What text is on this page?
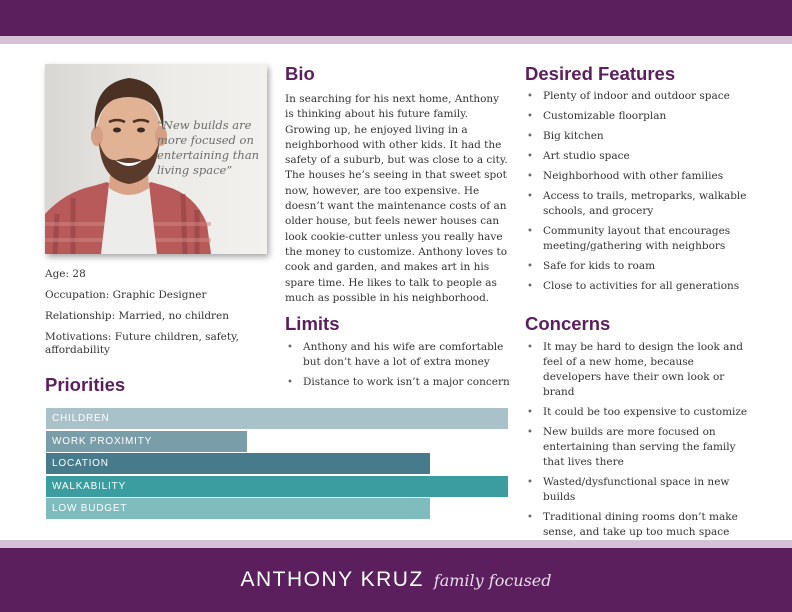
“New builds are more focused on entertaining than living space”

Age: 28

Occupation: Graphic Designer

Relationship: Married, no children

Motivations: Future children, safety, affordability

Priorities
CHILDREN
WORK PROXIMITY
LOCATION
WALKABILITY
LOW BUDGET
Bio

In searching for his next home, Anthony is thinking about his future family. Growing up, he enjoyed living in a neighborhood with other kids. It had the safety of a suburb, but was close to a city. The houses he’s seeing in that sweet spot now, however, are too expensive. He doesn’t want the maintenance costs of an older house, but feels newer houses can look cookie-cutter unless you really have the money to customize. Anthony loves to cook and garden, and makes art in his spare time. He likes to talk to people as much as possible in his neighborhood.

Limits
• Anthony and his wife are comfortable but don’t have a lot of extra money
• Distance to work isn’t a major concern
Desired Features
• Plenty of indoor and outdoor space
• Customizable floorplan
• Big kitchen
• Art studio space
• Neighborhood with other families
• Access to trails, metroparks, walkable schools, and grocery
• Community layout that encourages meeting/gathering with neighbors
• Safe for kids to roam
• Close to activities for all generations
Concerns
• It may be hard to design the look and feel of a new home, because developers have their own look or brand
• It could be too expensive to customize
• New builds are more focused on entertaining than serving the family that lives there
• Wasted/dysfunctional space in new builds
• Traditional dining rooms don’t make sense, and take up too much space
ANTHONY KRUZ family focused
